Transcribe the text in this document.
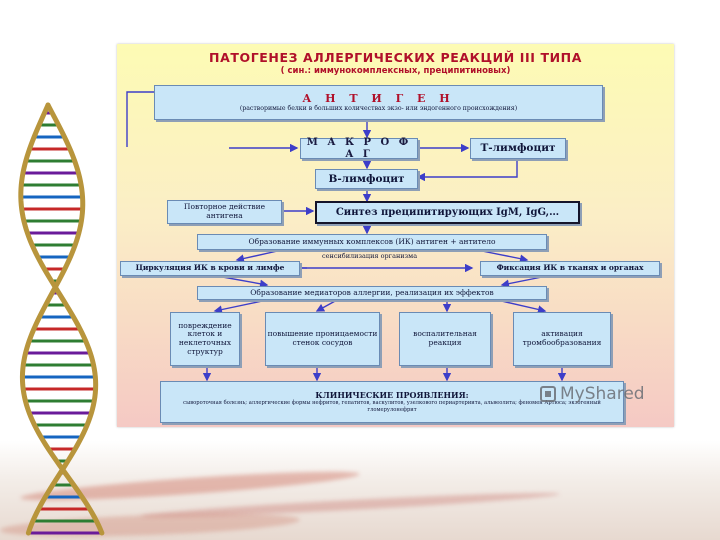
ПАТОГЕНЕЗ АЛЛЕРГИЧЕСКИХ РЕАКЦИЙ III ТИПА
( син.: иммунокомплексных, преципитиновых)
А Н Т И Г Е Н
(растворимые белки в больших количествах экзо- или эндогенного происхождения)
М А К Р О Ф А Г	Т-лимфоцит
В-лимфоцит
Повторное действие антигена	Синтез преципитирующих IgM, IgG,…
Образование иммунных комплексов (ИК) антиген + антитело
сенсибилизация организма
Циркуляция ИК в крови и лимфе	Фиксация ИК в тканях и органах
Образование медиаторов аллергии, реализация их эффектов
повреждение клеток и неклеточных структур
повышение проницаемости стенок сосудов
воспалительная реакция
активация тромбообразования
КЛИНИЧЕСКИЕ ПРОЯВЛЕНИЯ:
сывороточная болезнь; аллергические формы нефритов, гепатитов, васкулитов, узелкового периартериита, альвеолита; феномен Артюса; экзогенный гломерулонефрит
MyShared
